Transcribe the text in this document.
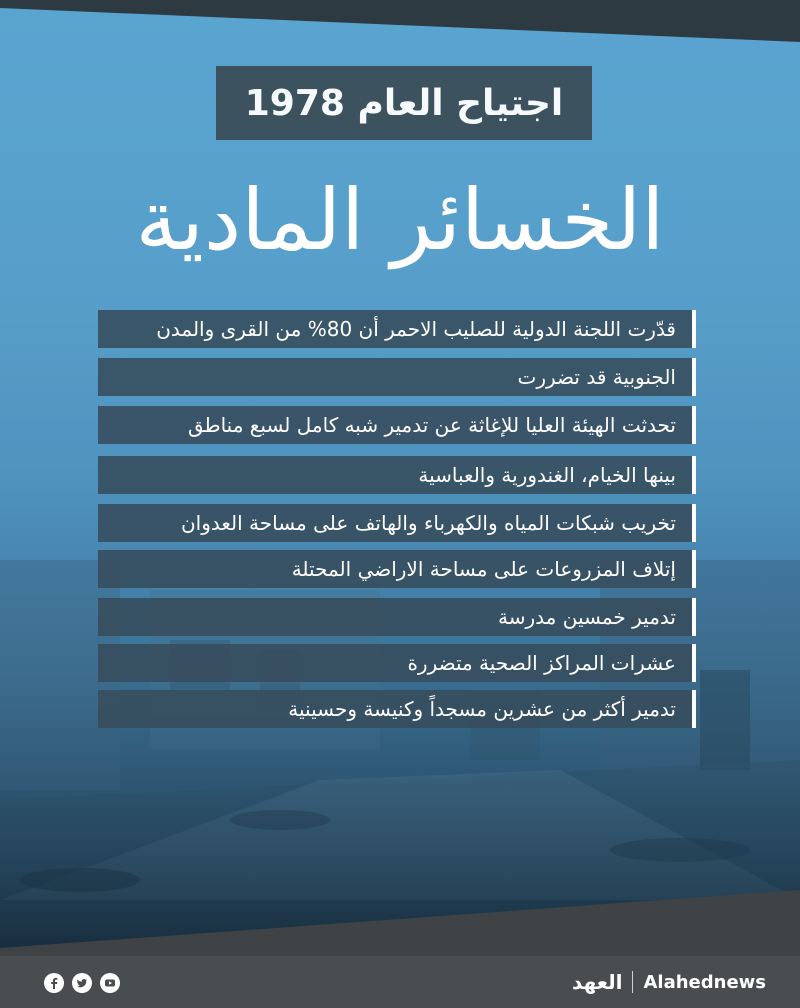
اجتياح العام 1978
الخسائر المادية
قدّرت اللجنة الدولية للصليب الاحمر أن 80% من القرى والمدن
الجنوبية قد تضررت
تحدثت الهيئة العليا للإغاثة عن تدمير شبه كامل لسبع مناطق
بينها الخيام، الغندورية والعباسية
تخريب شبكات المياه والكهرباء والهاتف على مساحة العدوان
إتلاف المزروعات على مساحة الاراضي المحتلة
تدمير خمسين مدرسة
عشرات المراكز الصحية متضررة
تدمير أكثر من عشرين مسجداً وكنيسة وحسينية
العهد Alahednews
